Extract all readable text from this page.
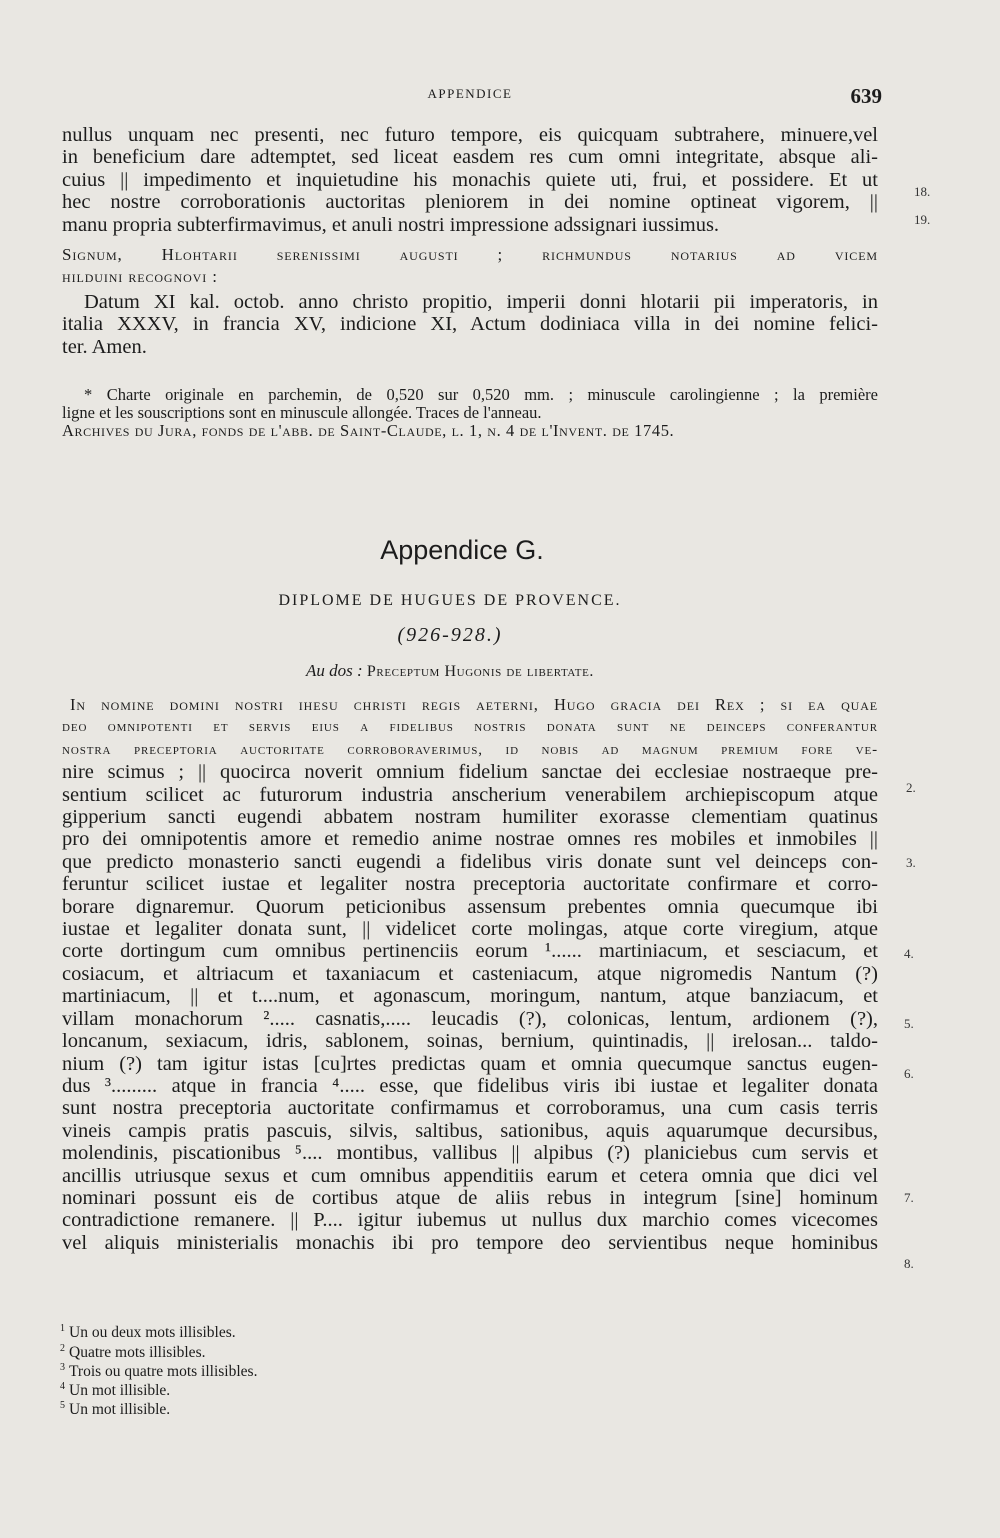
APPENDICE	639
nullus unquam nec presenti, nec futuro tempore, eis quicquam subtrahere, minuere,vel
in beneficium dare adtemptet, sed liceat easdem res cum omni integritate, absque ali-
cuius || impedimento et inquietudine his monachis quiete uti, frui, et possidere. Et ut
hec nostre corroborationis auctoritas pleniorem in dei nomine optineat vigorem, ||
manu propria subterfirmavimus, et anuli nostri impressione adssignari iussimus.
Signum, Hlohtarii serenissimi augusti ; richmundus notarius ad vicem
hilduini recognovi :
Datum XI kal. octob. anno christo propitio, imperii donni hlotarii pii imperatoris, in
italia XXXV, in francia XV, indicione XI, Actum dodiniaca villa in dei nomine felici-
ter. Amen.
* Charte originale en parchemin, de 0,520 sur 0,520 mm. ; minuscule carolingienne ; la première
ligne et les souscriptions sont en minuscule allongée. Traces de l'anneau.
Archives du Jura, fonds de l'abb. de Saint-Claude, l. 1, n. 4 de l'Invent. de 1745.
Appendice G.
DIPLOME DE HUGUES DE PROVENCE.
(926-928.)
Au dos : Preceptum Hugonis de libertate.
In nomine domini nostri ihesu christi regis aeterni, Hugo gracia dei Rex ; si ea quae
deo omnipotenti et servis eius a fidelibus nostris donata sunt ne deinceps conferantur
nostra preceptoria auctoritate corroboraverimus, id nobis ad magnum premium fore ve-
nire scimus ; || quocirca noverit omnium fidelium sanctae dei ecclesiae nostraeque pre-
sentium scilicet ac futurorum industria anscherium venerabilem archiepiscopum atque
gipperium sancti eugendi abbatem nostram humiliter exorasse clementiam quatinus
pro dei omnipotentis amore et remedio anime nostrae omnes res mobiles et inmobiles ||
que predicto monasterio sancti eugendi a fidelibus viris donate sunt vel deinceps con-
feruntur scilicet iustae et legaliter nostra preceptoria auctoritate confirmare et corro-
borare dignaremur. Quorum peticionibus assensum prebentes omnia quecumque ibi
iustae et legaliter donata sunt, || videlicet corte molingas, atque corte viregium, atque
corte dortingum cum omnibus pertinenciis eorum ¹...... martiniacum, et sesciacum, et
cosiacum, et altriacum et taxaniacum et casteniacum, atque nigromedis Nantum (?)
martiniacum, || et t....num, et agonascum, moringum, nantum, atque banziacum, et
villam monachorum ²..... casnatis,..... leucadis (?), colonicas, lentum, ardionem (?),
loncanum, sexiacum, idris, sablonem, soinas, bernium, quintinadis, || irelosan... taldo-
nium (?) tam igitur istas [cu]rtes predictas quam et omnia quecumque sanctus eugen-
dus ³......... atque in francia ⁴..... esse, que fidelibus viris ibi iustae et legaliter donata
sunt nostra preceptoria auctoritate confirmamus et corroboramus, una cum casis terris
vineis campis pratis pascuis, silvis, saltibus, sationibus, aquis aquarumque decursibus,
molendinis, piscationibus ⁵.... montibus, vallibus || alpibus (?) planiciebus cum servis et
ancillis utriusque sexus et cum omnibus appenditiis earum et cetera omnia que dici vel
nominari possunt eis de cortibus atque de aliis rebus in integrum [sine] hominum
contradictione remanere. || P.... igitur iubemus ut nullus dux marchio comes vicecomes
vel aliquis ministerialis monachis ibi pro tempore deo servientibus neque hominibus
18.
19.
2.
3.
4.
5.
6.
7.
8.
$^1$ Un ou deux mots illisibles.
$^2$ Quatre mots illisibles.
$^3$ Trois ou quatre mots illisibles.
$^4$ Un mot illisible.
$^5$ Un mot illisible.
